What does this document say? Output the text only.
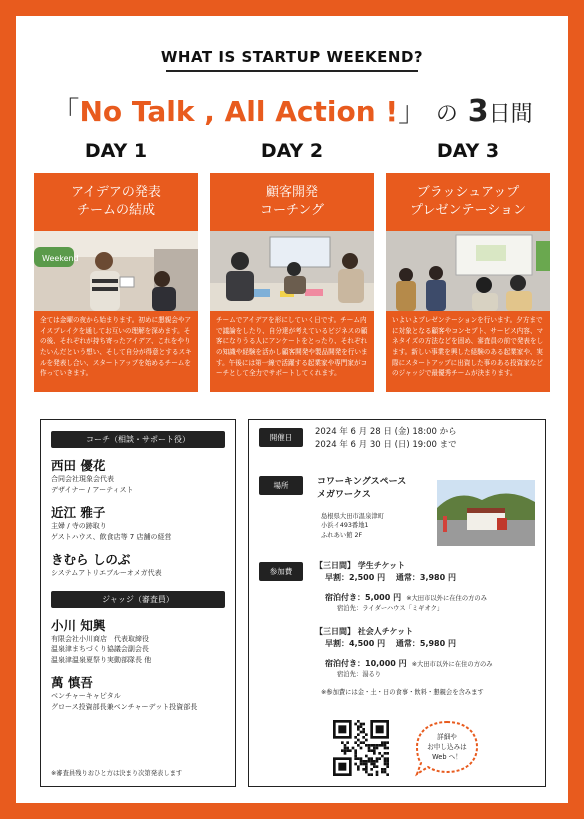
WHAT IS STARTUP WEEKEND?
「No Talk , All Action !」 の 3日間
DAY 1	DAY 2	DAY 3
アイデアの発表
チームの結成
Weekend
全ては金曜の夜から始まります。初めに懇親会やアイスブレイクを通してお互いの理解を深めます。その後、それぞれが持ち寄ったアイデア、これをやりたいんだという想い、そして自分が得意とするスキルを発表し合い、スタートアップを始めるチームを作っていきます。
顧客開発
コーチング
チームでアイデアを形にしていく日です。チーム内で議論をしたり、自分達が考えているビジネスの顧客になりうる人にアンケートをとったり、それぞれの知識や経験を活かし顧客開発や製品開発を行います。午後には第一線で活躍する起業家や専門家がコーチとして全力でサポートしてくれます。
ブラッシュアップ
プレゼンテーション
いよいよプレゼンテーションを行います。夕方までに対象となる顧客やコンセプト、サービス内容、マネタイズの方法などを固め、審査員の前で発表をします。新しい事業を興した経験のある起業家や、実際にスタートアップに出資した事のある投資家などのジャッジで最優秀チームが決まります。
コーチ（相談・サポート役）
西田 優花
合同会社現象会代表
デザイナー / アーティスト
近江 雅子
主婦 / 寺の跡取り
ゲストハウス、飲食店等 7 店舗の経営
きむら しのぶ
システムアトリエブルーオメガ代表
ジャッジ（審査員）
小川 知興
有限会社小川商店　代表取締役
温泉津まちづくり協議会副会長
温泉津温泉夏祭り実動部隊長 他
萬 慎吾
ベンチャーキャピタル
グロース投資部長兼ベンチャーデット投資部長
※審査員残りおひと方は決まり次第発表します
開催日
2024 年 6 月 28 日 (金) 18:00 から
2024 年 6 月 30 日 (日) 19:00 まで
場所	コワーキングスペース
メガワークス
島根県大田市温泉津町
小浜イ493番地1
ふれあい館 2F
参加費
【三日間】 学生チケット
早割：2,500 円　 通常：3,980 円
宿泊付き：5,000 円 ※大田市以外に在住の方のみ
宿泊先：ライダーハウス「ミギオク」
【三日間】 社会人チケット
早割：4,500 円　 通常：5,980 円
宿泊付き：10,000 円 ※大田市以外に在住の方のみ
宿泊先：湯るり
※参加費には金・土・日の食事・飲料・懇親会を含みます
詳細や
お申し込みは
Web へ！
